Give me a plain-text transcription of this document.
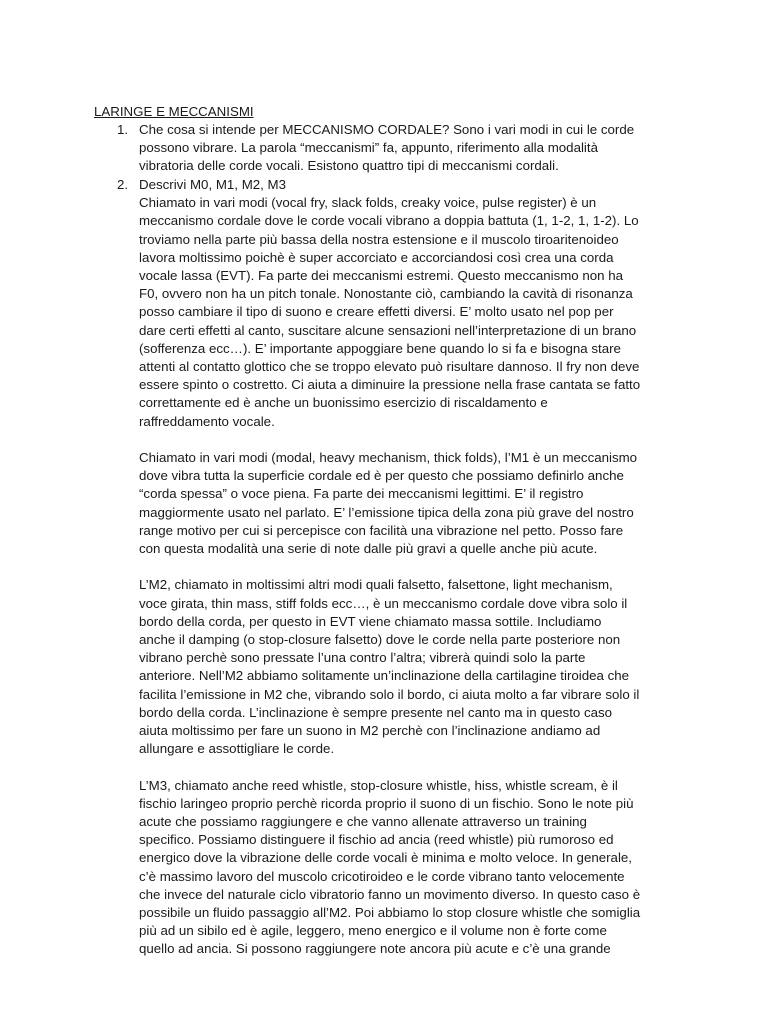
LARINGE E MECCANISMI
1. Che cosa si intende per MECCANISMO CORDALE? Sono i vari modi in cui le corde
possono vibrare. La parola “meccanismi” fa, appunto, riferimento alla modalità
vibratoria delle corde vocali. Esistono quattro tipi di meccanismi cordali.
2. Descrivi M0, M1, M2, M3

Chiamato in vari modi (vocal fry, slack folds, creaky voice, pulse register) è un
meccanismo cordale dove le corde vocali vibrano a doppia battuta (1, 1-2, 1, 1-2). Lo
troviamo nella parte più bassa della nostra estensione e il muscolo tiroaritenoideo
lavora moltissimo poichè è super accorciato e accorciandosi così crea una corda
vocale lassa (EVT). Fa parte dei meccanismi estremi. Questo meccanismo non ha
F0, ovvero non ha un pitch tonale. Nonostante ciò, cambiando la cavità di risonanza
posso cambiare il tipo di suono e creare effetti diversi. E’ molto usato nel pop per
dare certi effetti al canto, suscitare alcune sensazioni nell’interpretazione di un brano
(sofferenza ecc…). E’ importante appoggiare bene quando lo si fa e bisogna stare
attenti al contatto glottico che se troppo elevato può risultare dannoso. Il fry non deve
essere spinto o costretto. Ci aiuta a diminuire la pressione nella frase cantata se fatto
correttamente ed è anche un buonissimo esercizio di riscaldamento e
raffreddamento vocale.

Chiamato in vari modi (modal, heavy mechanism, thick folds), l’M1 è un meccanismo
dove vibra tutta la superficie cordale ed è per questo che possiamo definirlo anche
“corda spessa” o voce piena. Fa parte dei meccanismi legittimi. E’ il registro
maggiormente usato nel parlato. E’ l’emissione tipica della zona più grave del nostro
range motivo per cui si percepisce con facilità una vibrazione nel petto. Posso fare
con questa modalità una serie di note dalle più gravi a quelle anche più acute.

L’M2, chiamato in moltissimi altri modi quali falsetto, falsettone, light mechanism,
voce girata, thin mass, stiff folds ecc…, è un meccanismo cordale dove vibra solo il
bordo della corda, per questo in EVT viene chiamato massa sottile. Includiamo
anche il damping (o stop-closure falsetto) dove le corde nella parte posteriore non
vibrano perchè sono pressate l’una contro l’altra; vibrerà quindi solo la parte
anteriore. Nell’M2 abbiamo solitamente un’inclinazione della cartilagine tiroidea che
facilita l’emissione in M2 che, vibrando solo il bordo, ci aiuta molto a far vibrare solo il
bordo della corda. L’inclinazione è sempre presente nel canto ma in questo caso
aiuta moltissimo per fare un suono in M2 perchè con l’inclinazione andiamo ad
allungare e assottigliare le corde.

L’M3, chiamato anche reed whistle, stop-closure whistle, hiss, whistle scream, è il
fischio laringeo proprio perchè ricorda proprio il suono di un fischio. Sono le note più
acute che possiamo raggiungere e che vanno allenate attraverso un training
specifico. Possiamo distinguere il fischio ad ancia (reed whistle) più rumoroso ed
energico dove la vibrazione delle corde vocali è minima e molto veloce. In generale,
c’è massimo lavoro del muscolo cricotiroideo e le corde vibrano tanto velocemente
che invece del naturale ciclo vibratorio fanno un movimento diverso. In questo caso è
possibile un fluido passaggio all’M2. Poi abbiamo lo stop closure whistle che somiglia
più ad un sibilo ed è agile, leggero, meno energico e il volume non è forte come
quello ad ancia. Si possono raggiungere note ancora più acute e c’è una grande
